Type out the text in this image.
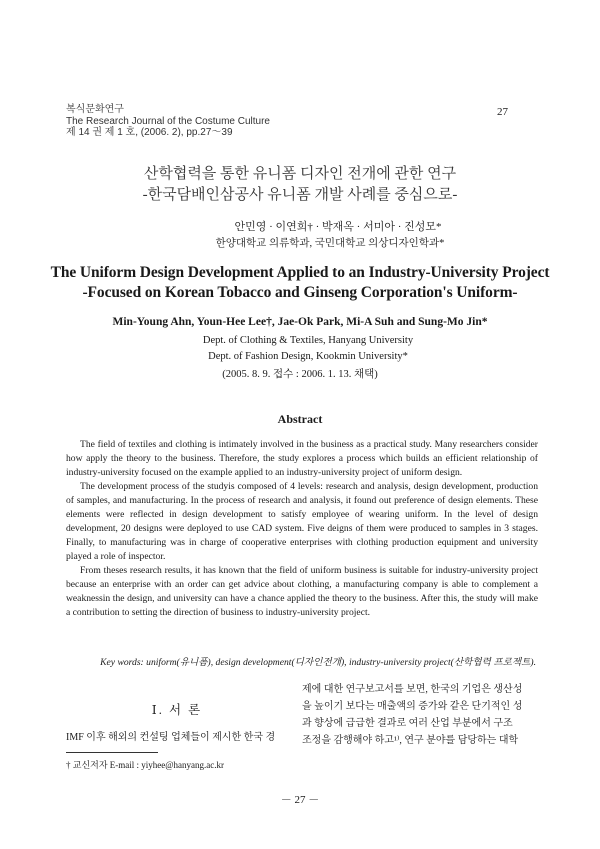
복식문화연구
The Research Journal of the Costume Culture
제 14 권 제 1 호, (2006. 2), pp.27～39
27
산학협력을 통한 유니폼 디자인 전개에 관한 연구
-한국담배인삼공사 유니폼 개발 사례를 중심으로-
안민영 · 이연희† · 박재옥 · 서미아 · 진성모*
한양대학교 의류학과, 국민대학교 의상디자인학과*
The Uniform Design Development Applied to an Industry-University Project
-Focused on Korean Tobacco and Ginseng Corporation's Uniform-
Min-Young Ahn, Youn-Hee Lee†, Jae-Ok Park, Mi-A Suh and Sung-Mo Jin*
Dept. of Clothing & Textiles, Hanyang University
Dept. of Fashion Design, Kookmin University*
(2005. 8. 9. 접수 : 2006. 1. 13. 채택)
Abstract

The field of textiles and clothing is intimately involved in the business as a practical study. Many researchers consider how apply the theory to the business. Therefore, the study explores a process which builds an efficient relationship of industry-university focused on the example applied to an industry-university project of uniform design.

The development process of the studyis composed of 4 levels: research and analysis, design development, production of samples, and manufacturing. In the process of research and analysis, it found out preference of design elements. These elements were reflected in design development to satisfy employee of wearing uniform. In the level of design development, 20 designs were deployed to use CAD system. Five deigns of them were produced to samples in 3 stages. Finally, to manufacturing was in charge of cooperative enterprises with clothing production equipment and university played a role of inspector.

From theses research results, it has known that the field of uniform business is suitable for industry-university project because an enterprise with an order can get advice about clothing, a manufacturing company is able to complement a weaknessin the design, and university can have a chance applied the theory to the business. After this, the study will make a contribution to setting the direction of business to industry-university project.

Key words: uniform(유니폼), design development(디자인전개), industry-university project(산학협력 프로젝트).
Ⅰ. 서 론
IMF 이후 해외의 컨설팅 업체들이 제시한 한국 경
제에 대한 연구보고서를 보면, 한국의 기업은 생산성
을 높이기 보다는 매출액의 증가와 같은 단기적인 성
과 향상에 급급한 결과로 여러 산업 부분에서 구조
조정을 감행해야 하고¹⁾, 연구 분야를 담당하는 대학
† 교신저자 E-mail : yiyhee@hanyang.ac.kr
－ 27 －
